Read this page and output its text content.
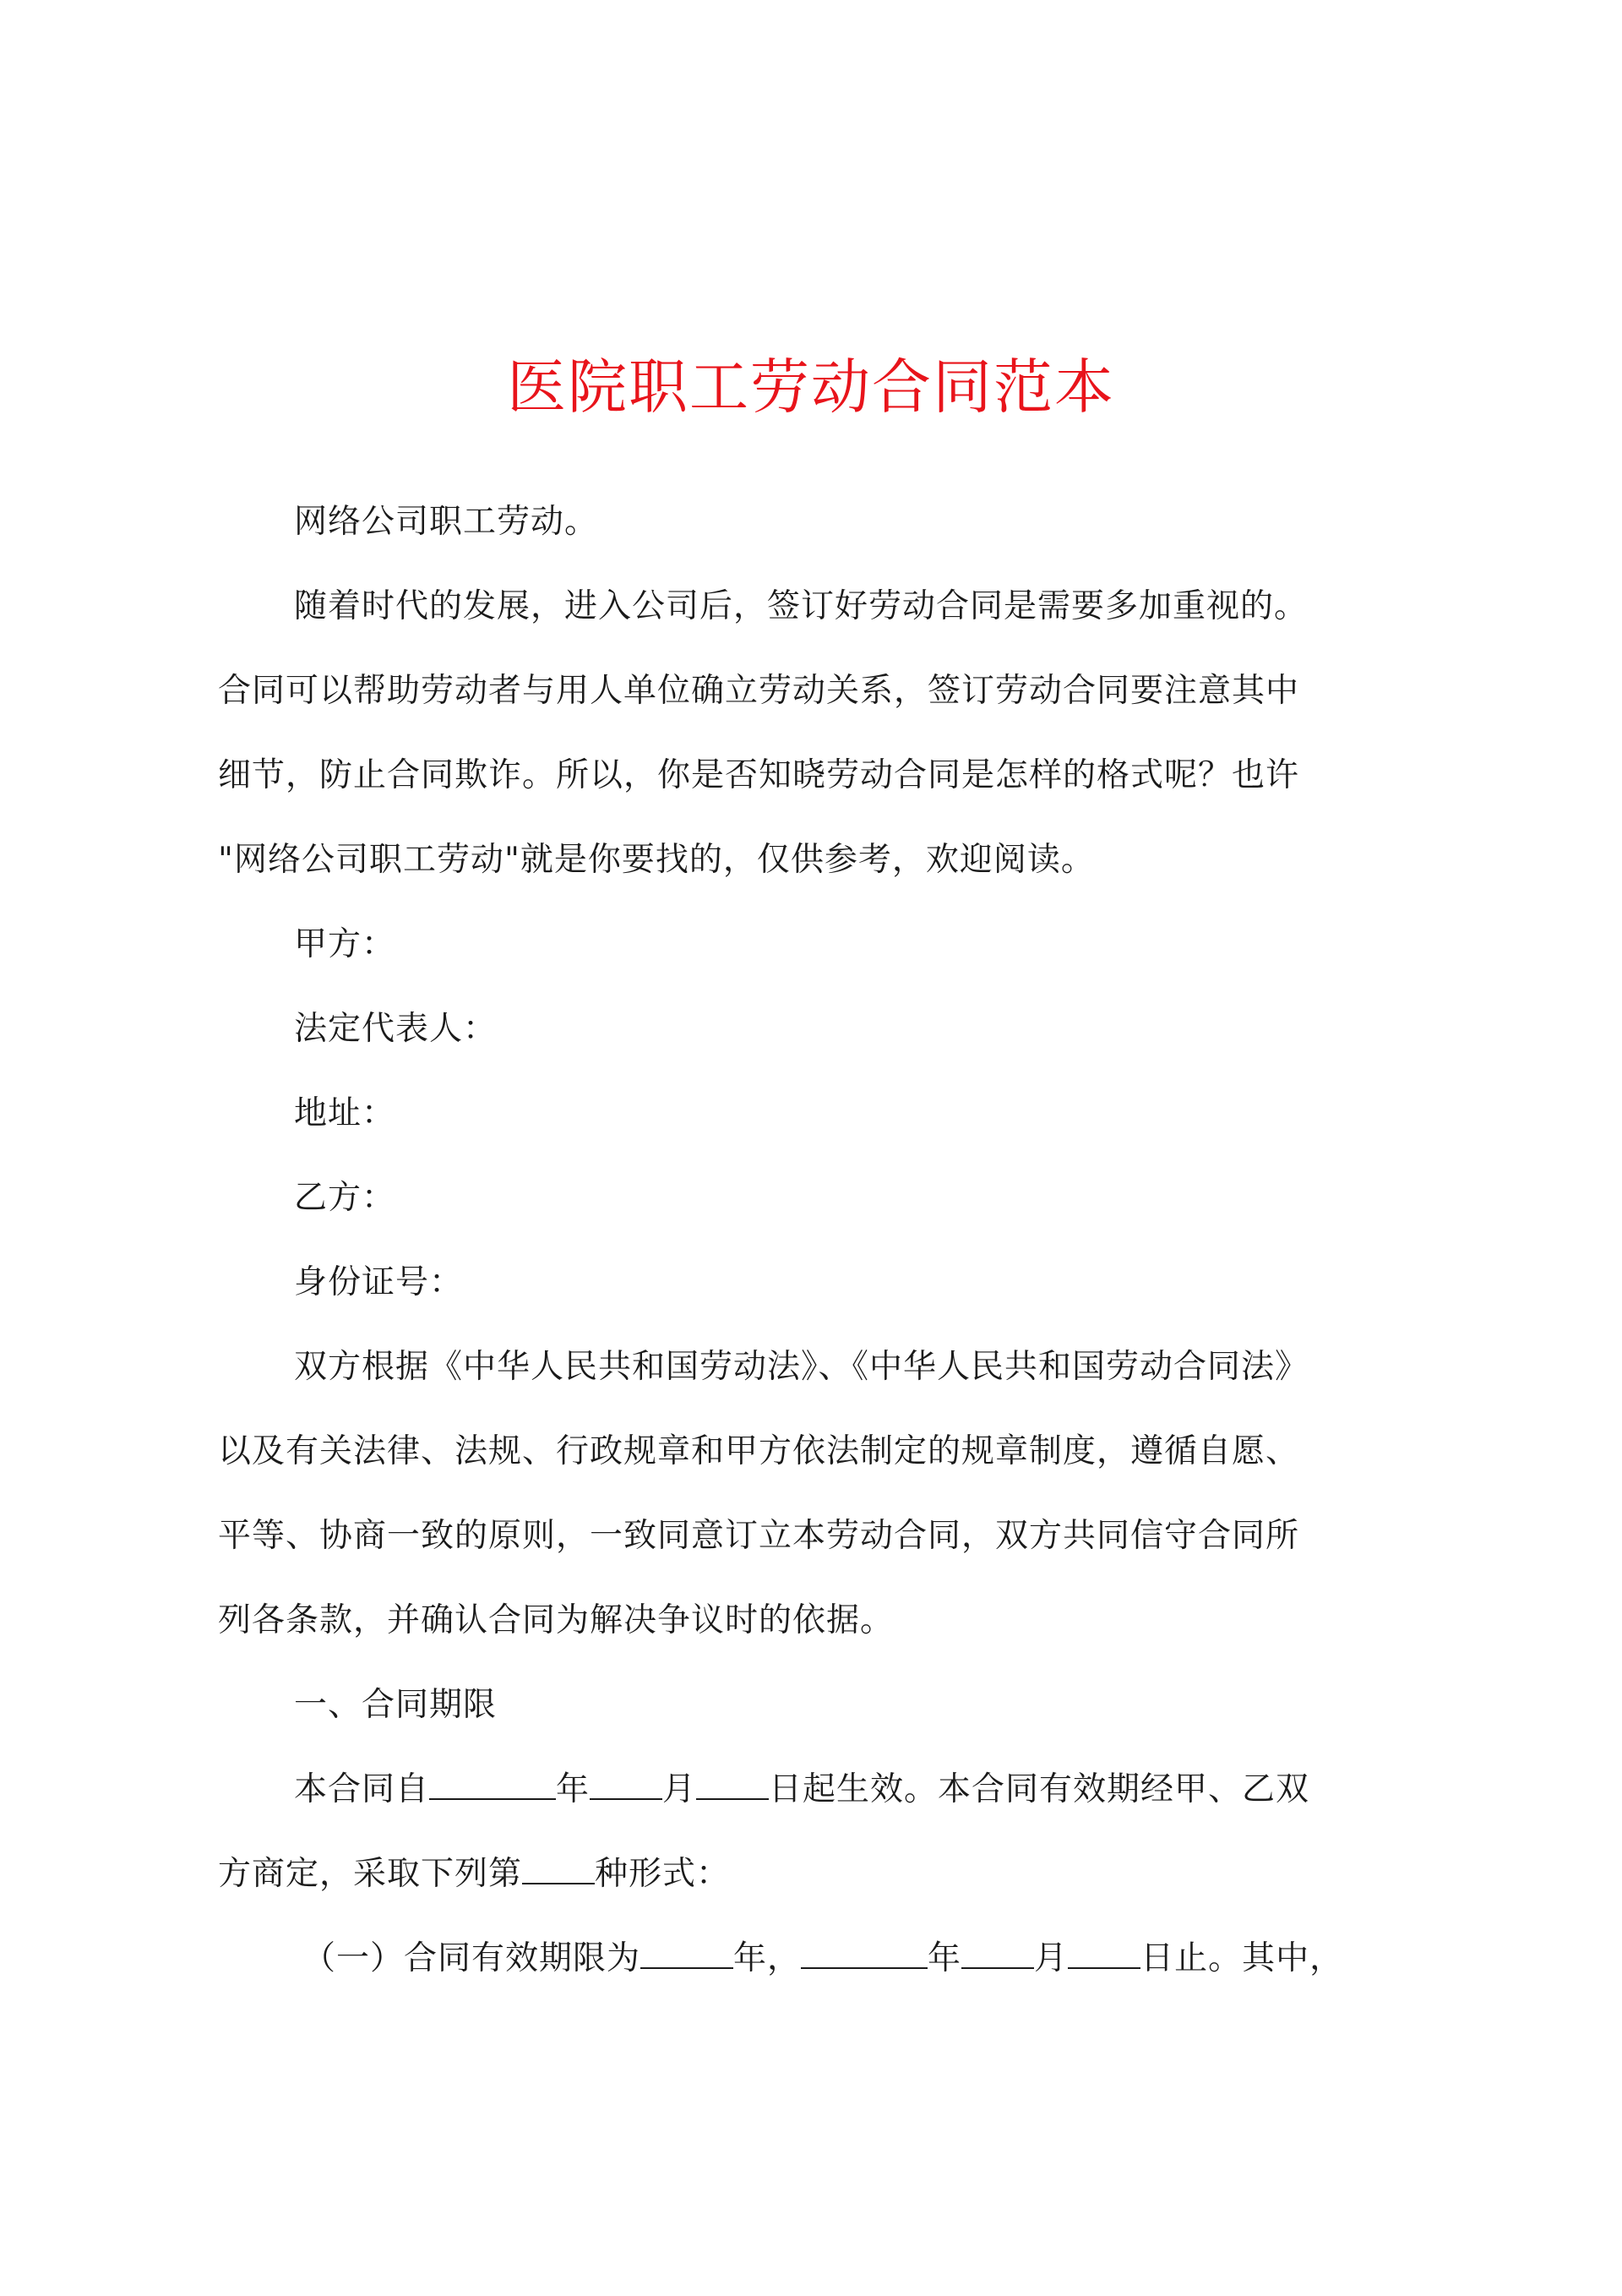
医院职工劳动合同范本

网络公司职工劳动。

随着时代的发展，进入公司后，签订好劳动合同是需要多加重视的。

合同可以帮助劳动者与用人单位确立劳动关系，签订劳动合同要注意其中

细节，防止合同欺诈。所以，你是否知晓劳动合同是怎样的格式呢？也许

"网络公司职工劳动"就是你要找的，仅供参考，欢迎阅读。

甲方：

法定代表人：

地址：

乙方：

身份证号：

双方根据《中华人民共和国劳动法》、《中华人民共和国劳动合同法》

以及有关法律、法规、行政规章和甲方依法制定的规章制度，遵循自愿、

平等、协商一致的原则，一致同意订立本劳动合同，双方共同信守合同所

列各条款，并确认合同为解决争议时的依据。

一、合同期限

本合同自	年 月 日起生效。本合同有效期经甲、乙双

方商定，采取下列第 种形式：

（一）合同有效期限为	年，	年 月 日止。其中，
